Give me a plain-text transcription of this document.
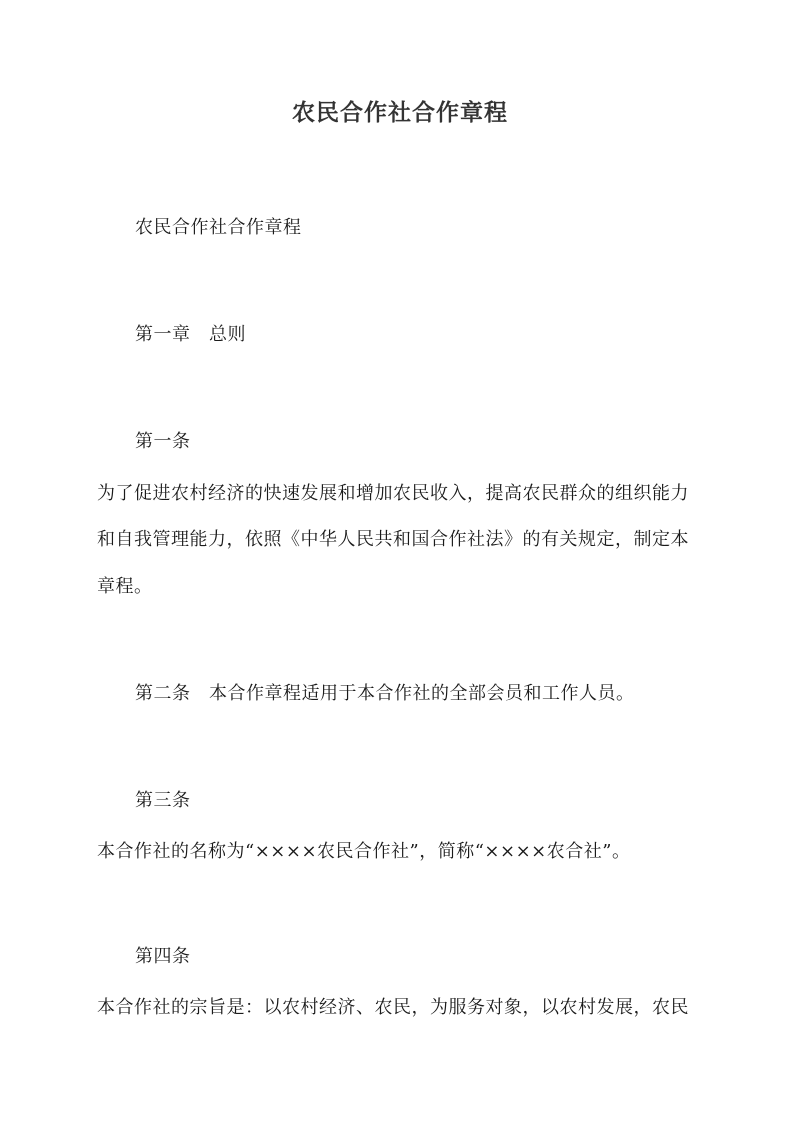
农民合作社合作章程
农民合作社合作章程
第一章　总则
第一条
为了促进农村经济的快速发展和增加农民收入，提高农民群众的组织能力
和自我管理能力，依照《中华人民共和国合作社法》的有关规定，制定本
章程。
第二条　本合作章程适用于本合作社的全部会员和工作人员。
第三条
本合作社的名称为“××××农民合作社”，简称“××××农合社”。
第四条
本合作社的宗旨是：以农村经济、农民，为服务对象，以农村发展，农民
